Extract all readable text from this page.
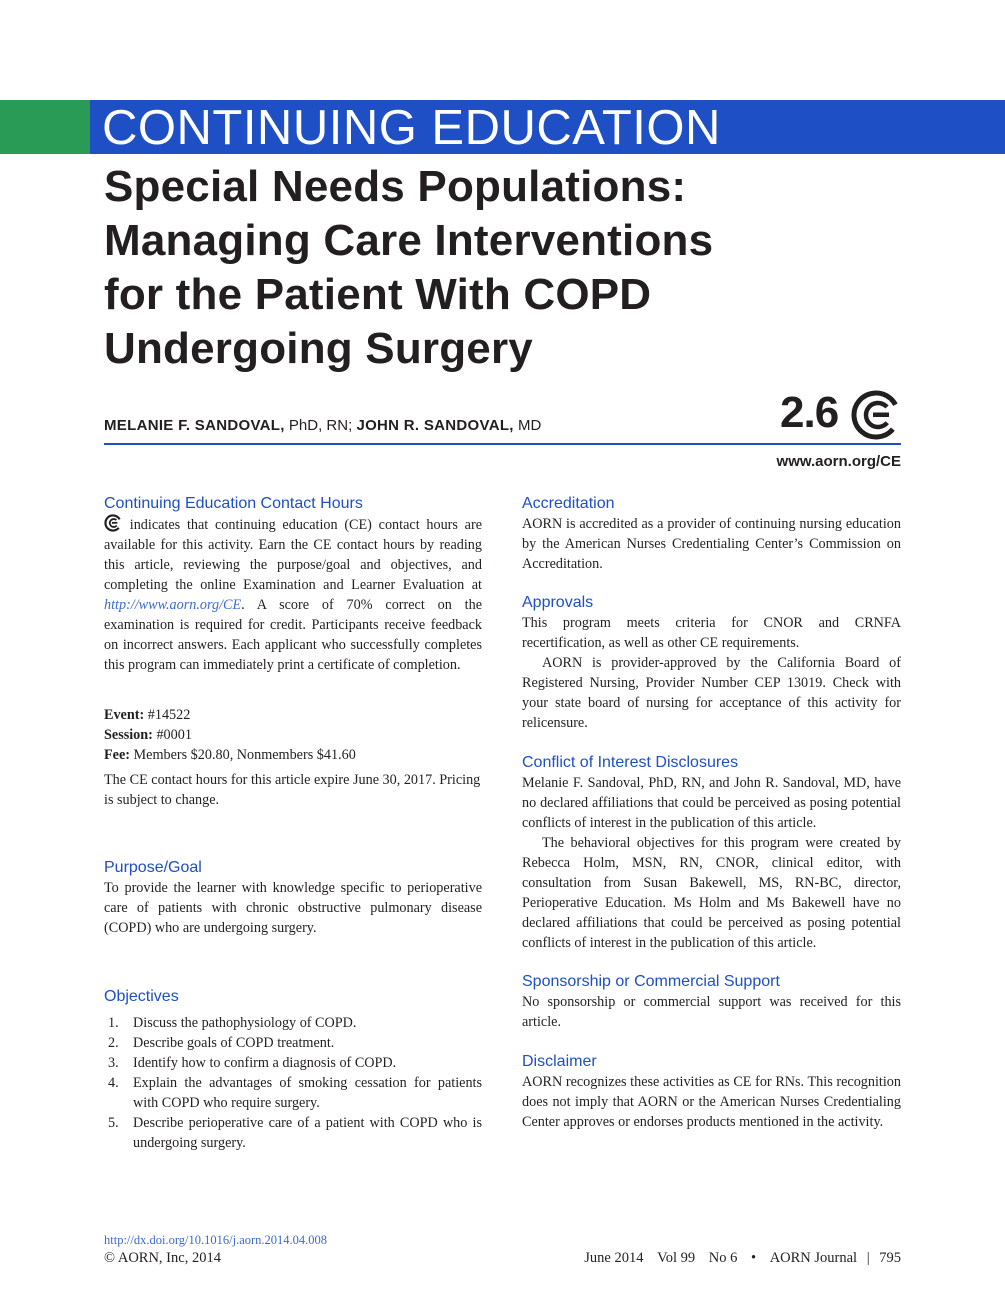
CONTINUING EDUCATION
Special Needs Populations:
Managing Care Interventions
for the Patient With COPD
Undergoing Surgery
MELANIE F. SANDOVAL, PhD, RN; JOHN R. SANDOVAL, MD	2.6
www.aorn.org/CE
Continuing Education Contact Hours

indicates that continuing education (CE) contact hours are available for this activity. Earn the CE contact hours by reading this article, reviewing the purpose/goal and objectives, and completing the online Examination and Learner Evaluation at http://www.aorn.org/CE. A score of 70% correct on the examination is required for credit. Participants receive feedback on incorrect answers. Each applicant who successfully completes this program can immediately print a certificate of completion.

Event: #14522
Session: #0001
Fee: Members $20.80, Nonmembers $41.60

The CE contact hours for this article expire June 30, 2017. Pricing is subject to change.

Purpose/Goal

To provide the learner with knowledge specific to perioperative care of patients with chronic obstructive pulmonary disease (COPD) who are undergoing surgery.

Objectives
1. Discuss the pathophysiology of COPD.
2. Describe goals of COPD treatment.
3. Identify how to confirm a diagnosis of COPD.
4. Explain the advantages of smoking cessation for patients with COPD who require surgery.
5. Describe perioperative care of a patient with COPD who is undergoing surgery.
Accreditation

AORN is accredited as a provider of continuing nursing education by the American Nurses Credentialing Center’s Commission on Accreditation.

Approvals

This program meets criteria for CNOR and CRNFA recertification, as well as other CE requirements.

AORN is provider-approved by the California Board of Registered Nursing, Provider Number CEP 13019. Check with your state board of nursing for acceptance of this activity for relicensure.

Conflict of Interest Disclosures

Melanie F. Sandoval, PhD, RN, and John R. Sandoval, MD, have no declared affiliations that could be perceived as posing potential conflicts of interest in the publication of this article.

The behavioral objectives for this program were created by Rebecca Holm, MSN, RN, CNOR, clinical editor, with consultation from Susan Bakewell, MS, RN-BC, director, Perioperative Education. Ms Holm and Ms Bakewell have no declared affiliations that could be perceived as posing potential conflicts of interest in the publication of this article.

Sponsorship or Commercial Support

No sponsorship or commercial support was received for this article.

Disclaimer

AORN recognizes these activities as CE for RNs. This recognition does not imply that AORN or the American Nurses Credentialing Center approves or endorses products mentioned in the activity.

http://dx.doi.org/10.1016/j.aorn.2014.04.008
© AORN, Inc, 2014	June 2014 Vol 99 No 6 • AORN Journal | 795
